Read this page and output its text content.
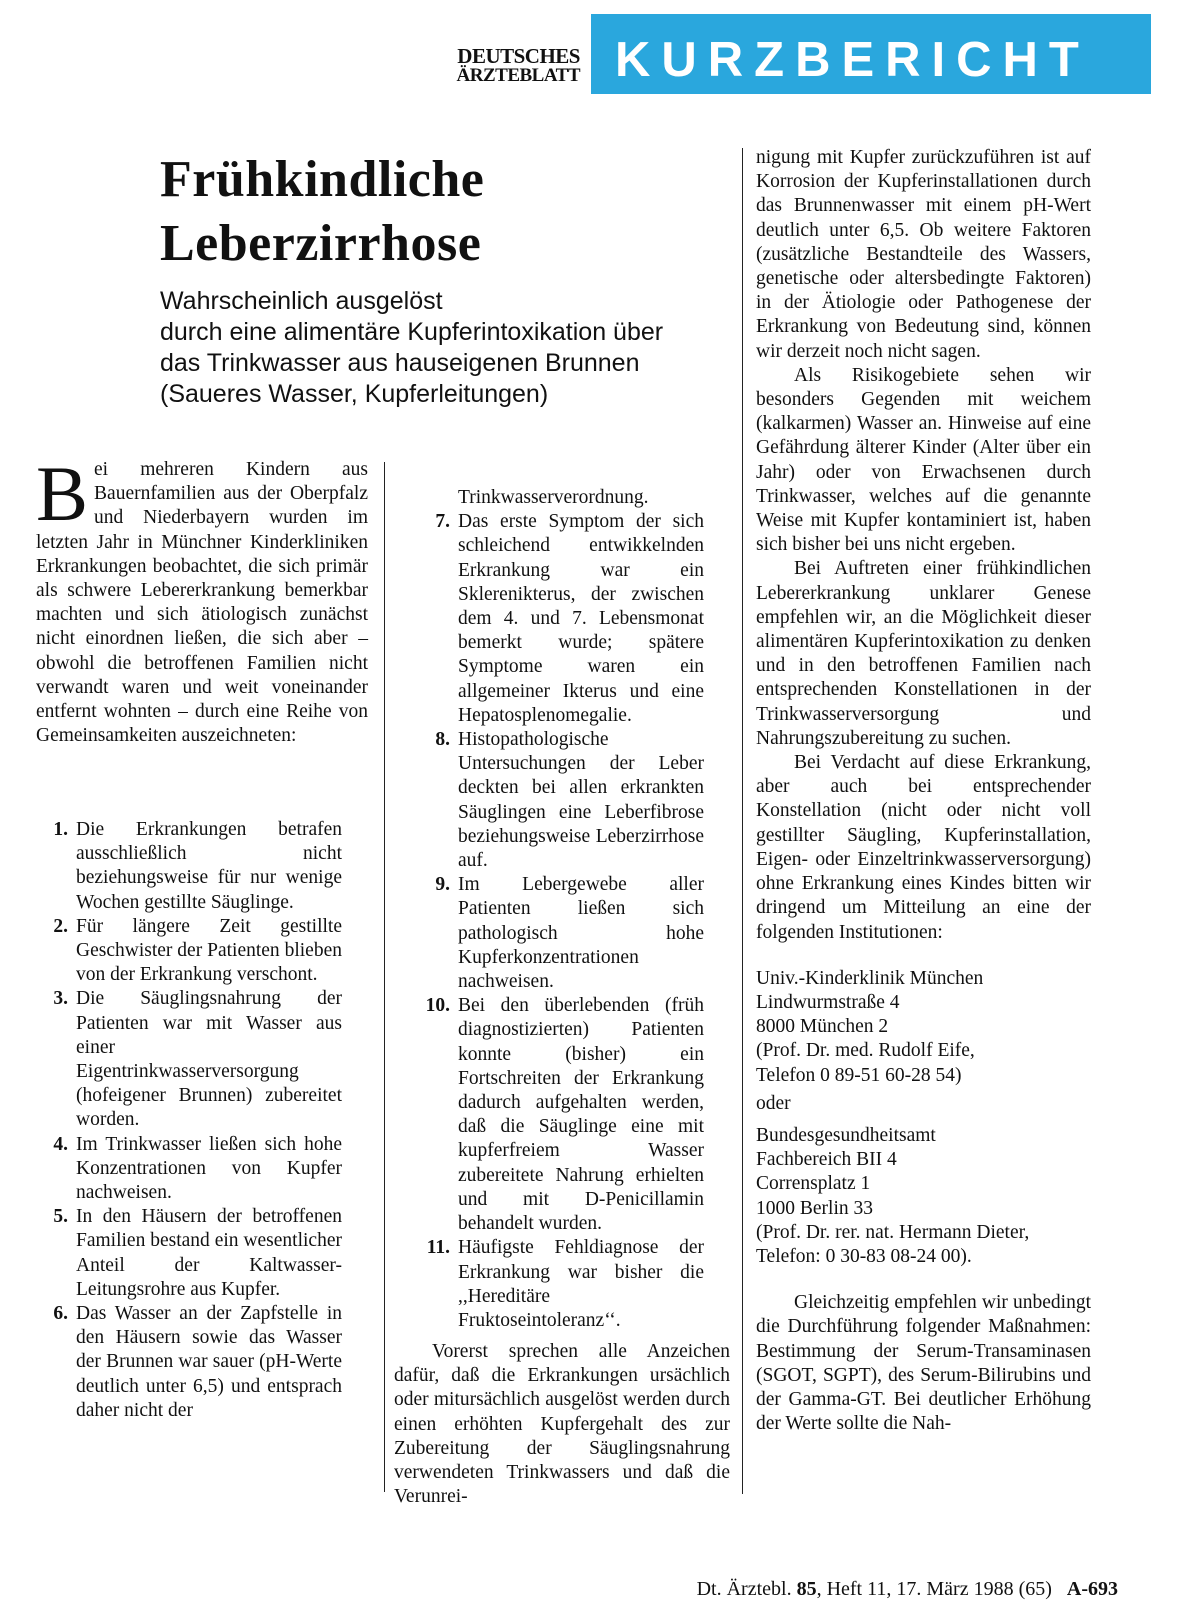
DEUTSCHES
ÄRZTEBLATT KURZBERICHT
Frühkindliche
Leberzirrhose
Wahrscheinlich ausgelöst
durch eine alimentäre Kupferintoxikation über
das Trinkwasser aus hauseigenen Brunnen
(Saueres Wasser, Kupferleitungen)

Bei mehreren Kindern aus Bauernfamilien aus der Oberpfalz und Niederbayern wurden im letzten Jahr in Münchner Kinderkliniken Erkrankungen beobachtet, die sich primär als schwere Lebererkrankung bemerkbar machten und sich ätiologisch zunächst nicht einordnen ließen, die sich aber – obwohl die betroffenen Familien nicht verwandt waren und weit voneinander entfernt wohnten – durch eine Reihe von Gemeinsamkeiten auszeichneten:

1. Die Erkrankungen betrafen ausschließlich nicht beziehungsweise für nur wenige Wochen gestillte Säuglinge.
2. Für längere Zeit gestillte Geschwister der Patienten blieben von der Erkrankung verschont.
3. Die Säuglingsnahrung der Patienten war mit Wasser aus einer Eigentrinkwasserversorgung (hofeigener Brunnen) zubereitet worden.
4. Im Trinkwasser ließen sich hohe Konzentrationen von Kupfer nachweisen.
5. In den Häusern der betroffenen Familien bestand ein wesentlicher Anteil der Kaltwasser-Leitungsrohre aus Kupfer.
6. Das Wasser an der Zapfstelle in den Häusern sowie das Wasser der Brunnen war sauer (pH-Werte deutlich unter 6,5) und entsprach daher nicht der

Trinkwasserverordnung.

7. Das erste Symptom der sich schleichend entwikkelnden Erkrankung war ein Sklerenikterus, der zwischen dem 4. und 7. Lebensmonat bemerkt wurde; spätere Symptome waren ein allgemeiner Ikterus und eine Hepatosplenomegalie.
8. Histopathologische Untersuchungen der Leber deckten bei allen erkrankten Säuglingen eine Leberfibrose beziehungsweise Leberzirrhose auf.
9. Im Lebergewebe aller Patienten ließen sich pathologisch hohe Kupferkonzentrationen nachweisen.
10. Bei den überlebenden (früh diagnostizierten) Patienten konnte (bisher) ein Fortschreiten der Erkrankung dadurch aufgehalten werden, daß die Säuglinge eine mit kupferfreiem Wasser zubereitete Nahrung erhielten und mit D-Penicillamin behandelt wurden.
11. Häufigste Fehldiagnose der Erkrankung war bisher die ,,Hereditäre Fruktoseintoleranz‘‘.

Vorerst sprechen alle Anzeichen dafür, daß die Erkrankungen ursächlich oder mitursächlich ausgelöst werden durch einen erhöhten Kupfergehalt des zur Zubereitung der Säuglingsnahrung verwendeten Trinkwassers und daß die Verunrei-

nigung mit Kupfer zurückzuführen ist auf Korrosion der Kupferinstallationen durch das Brunnenwasser mit einem pH-Wert deutlich unter 6,5. Ob weitere Faktoren (zusätzliche Bestandteile des Wassers, genetische oder altersbedingte Faktoren) in der Ätiologie oder Pathogenese der Erkrankung von Bedeutung sind, können wir derzeit noch nicht sagen.

Als Risikogebiete sehen wir besonders Gegenden mit weichem (kalkarmen) Wasser an. Hinweise auf eine Gefährdung älterer Kinder (Alter über ein Jahr) oder von Erwachsenen durch Trinkwasser, welches auf die genannte Weise mit Kupfer kontaminiert ist, haben sich bisher bei uns nicht ergeben.

Bei Auftreten einer frühkindlichen Lebererkrankung unklarer Genese empfehlen wir, an die Möglichkeit dieser alimentären Kupferintoxikation zu denken und in den betroffenen Familien nach entsprechenden Konstellationen in der Trinkwasserversorgung und Nahrungszubereitung zu suchen.

Bei Verdacht auf diese Erkrankung, aber auch bei entsprechender Konstellation (nicht oder nicht voll gestillter Säugling, Kupferinstallation, Eigen- oder Einzeltrinkwasserversorgung) ohne Erkrankung eines Kindes bitten wir dringend um Mitteilung an eine der folgenden Institutionen:

Univ.-Kinderklinik München
Lindwurmstraße 4
8000 München 2
(Prof. Dr. med. Rudolf Eife,
Telefon 0 89-51 60-28 54)
oder
Bundesgesundheitsamt
Fachbereich BII 4
Corrensplatz 1
1000 Berlin 33
(Prof. Dr. rer. nat. Hermann Dieter,
Telefon: 0 30-83 08-24 00).

Gleichzeitig empfehlen wir unbedingt die Durchführung folgender Maßnahmen: Bestimmung der Serum-Transaminasen (SGOT, SGPT), des Serum-Bilirubins und der Gamma-GT. Bei deutlicher Erhöhung der Werte sollte die Nah-

Dt. Ärztebl. 85, Heft 11, 17. März 1988 (65) A-693
